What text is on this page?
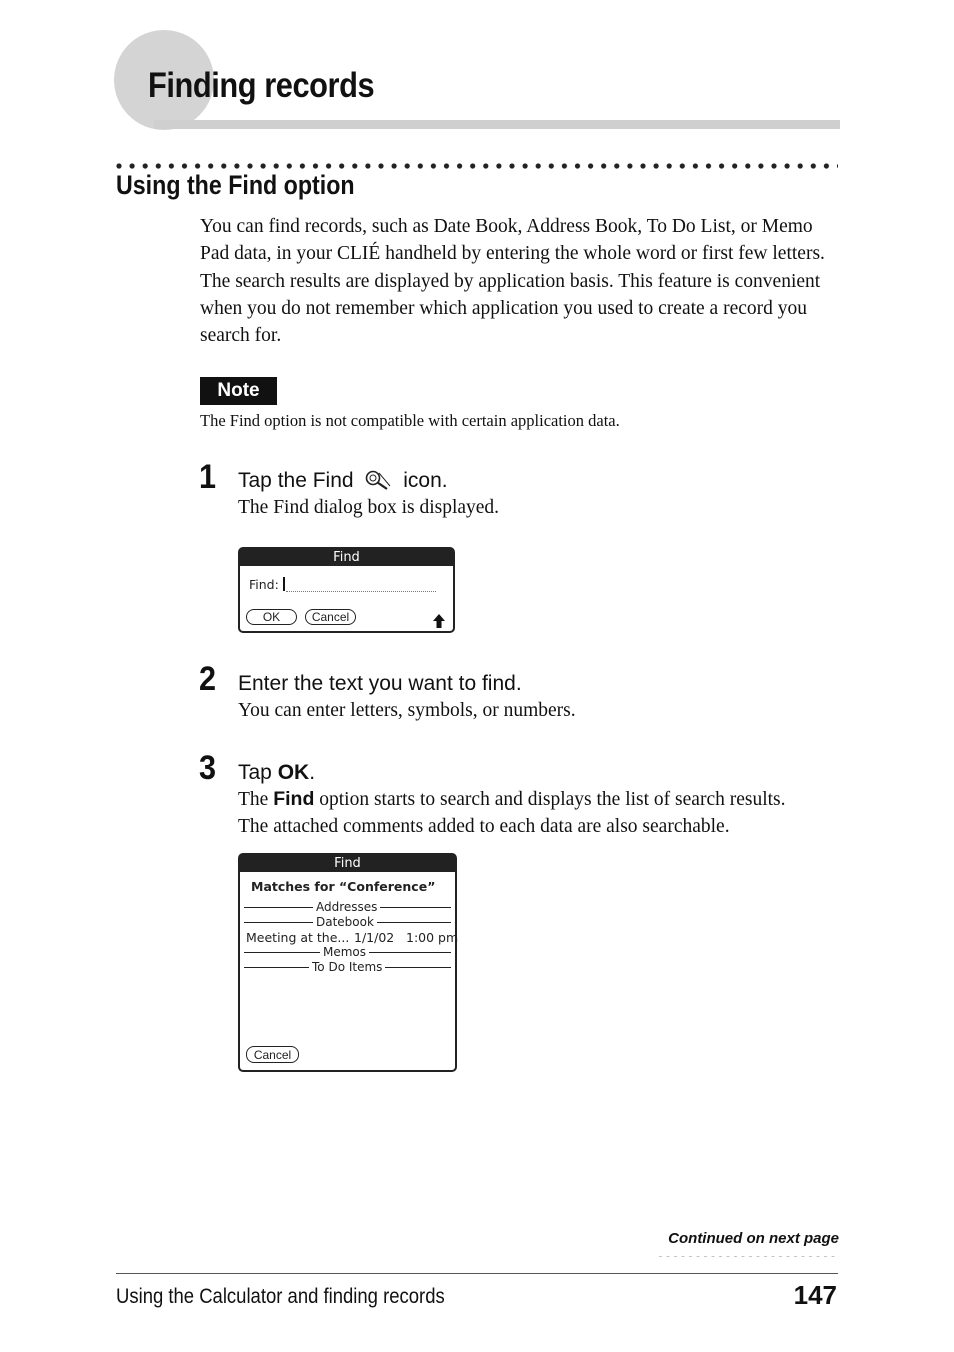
Finding records
Using the Find option

You can find records, such as Date Book, Address Book, To Do List, or Memo Pad data, in your CLIÉ handheld by entering the whole word or first few letters. The search results are displayed by application basis. This feature is convenient when you do not remember which application you used to create a record you search for.

Note
The Find option is not compatible with certain application data.
1 Tap the Find icon.
The Find dialog box is displayed.
Find
Find:
OK	Cancel
2 Enter the text you want to find.
You can enter letters, symbols, or numbers.
3 Tap OK.
The Find option starts to search and displays the list of search results.
The attached comments added to each data are also searchable.
Find
Matches for “Conference”
Addresses
Datebook
Meeting at the... 1/1/02 1:00 pm
Memos
To Do Items
Cancel
Continued on next page
Using the Calculator and finding records	147
